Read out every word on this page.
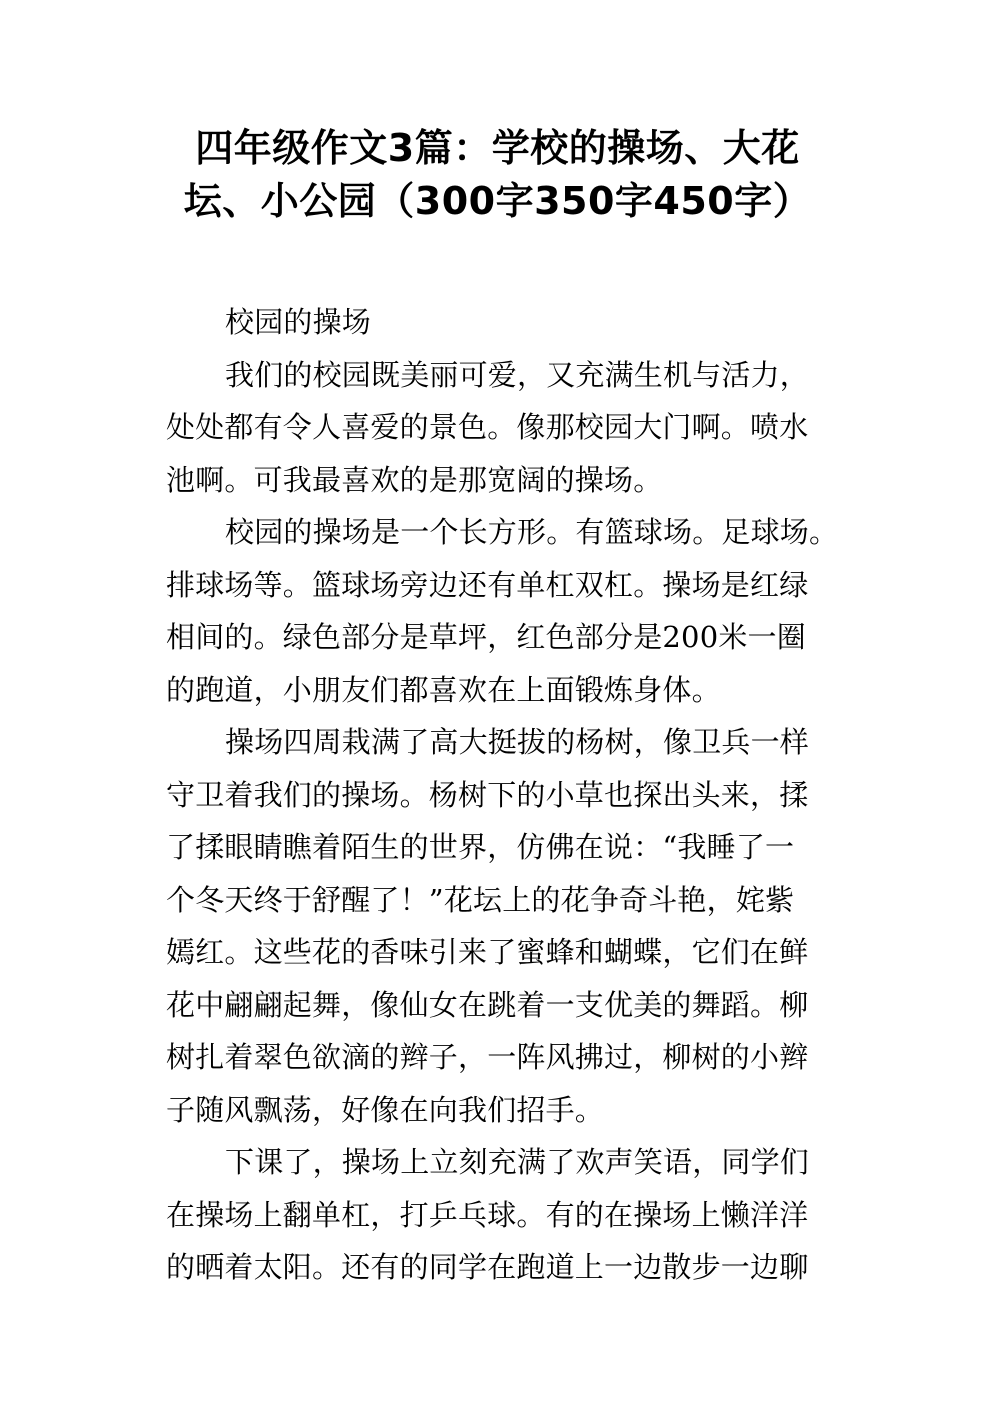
四年级作文3篇：学校的操场、大花
坛、小公园（300字350字450字）

校园的操场

我们的校园既美丽可爱，又充满生机与活力，
处处都有令人喜爱的景色。像那校园大门啊。喷水
池啊。可我最喜欢的是那宽阔的操场。

校园的操场是一个长方形。有篮球场。足球场。
排球场等。篮球场旁边还有单杠双杠。操场是红绿
相间的。绿色部分是草坪，红色部分是200米一圈
的跑道，小朋友们都喜欢在上面锻炼身体。

操场四周栽满了高大挺拔的杨树，像卫兵一样
守卫着我们的操场。杨树下的小草也探出头来，揉
了揉眼睛瞧着陌生的世界，仿佛在说：“我睡了一
个冬天终于舒醒了！”花坛上的花争奇斗艳，姹紫
嫣红。这些花的香味引来了蜜蜂和蝴蝶，它们在鲜
花中翩翩起舞，像仙女在跳着一支优美的舞蹈。柳
树扎着翠色欲滴的辫子，一阵风拂过，柳树的小辫
子随风飘荡，好像在向我们招手。

下课了，操场上立刻充满了欢声笑语，同学们
在操场上翻单杠，打乒乓球。有的在操场上懒洋洋
的晒着太阳。还有的同学在跑道上一边散步一边聊
